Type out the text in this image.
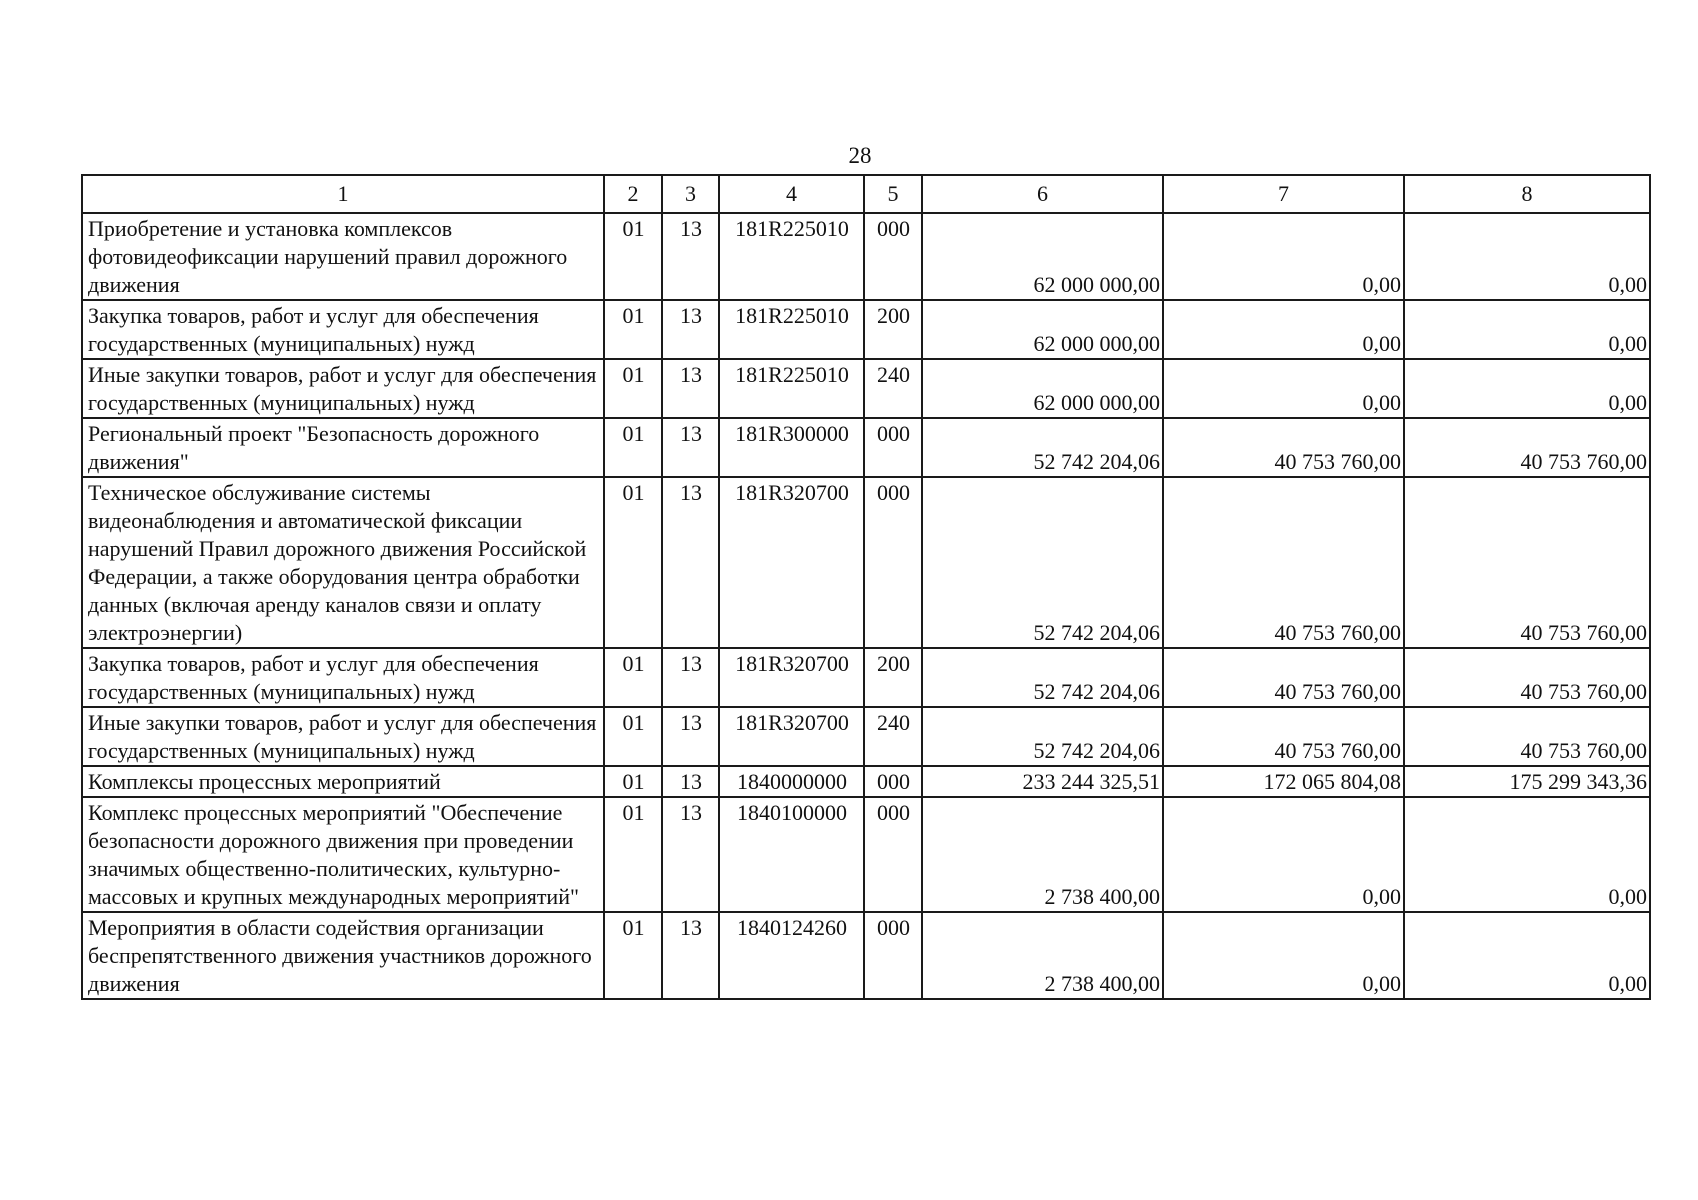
28
1	2	3	4	5	6	7	8
Приобретение и установка комплексов фотовидеофиксации нарушений правил дорожного движения	01	13	181R225010	000	62 000 000,00	0,00	0,00
Закупка товаров, работ и услуг для обеспечения государственных (муниципальных) нужд	01	13	181R225010	200	62 000 000,00	0,00	0,00
Иные закупки товаров, работ и услуг для обеспечения государственных (муниципальных) нужд	01	13	181R225010	240	62 000 000,00	0,00	0,00
Региональный проект "Безопасность дорожного движения"	01	13	181R300000	000	52 742 204,06	40 753 760,00	40 753 760,00
Техническое обслуживание системы видеонаблюдения и автоматической фиксации нарушений Правил дорожного движения Российской Федерации, а также оборудования центра обработки данных (включая аренду каналов связи и оплату электроэнергии)	01	13	181R320700	000	52 742 204,06	40 753 760,00	40 753 760,00
Закупка товаров, работ и услуг для обеспечения государственных (муниципальных) нужд	01	13	181R320700	200	52 742 204,06	40 753 760,00	40 753 760,00
Иные закупки товаров, работ и услуг для обеспечения государственных (муниципальных) нужд	01	13	181R320700	240	52 742 204,06	40 753 760,00	40 753 760,00
Комплексы процессных мероприятий	01	13	1840000000	000	233 244 325,51	172 065 804,08	175 299 343,36
Комплекс процессных мероприятий "Обеспечение безопасности дорожного движения при проведении значимых общественно-политических, культурно-массовых и крупных международных мероприятий"	01	13	1840100000	000	2 738 400,00	0,00	0,00
Мероприятия в области содействия организации беспрепятственного движения участников дорожного движения	01	13	1840124260	000	2 738 400,00	0,00	0,00
